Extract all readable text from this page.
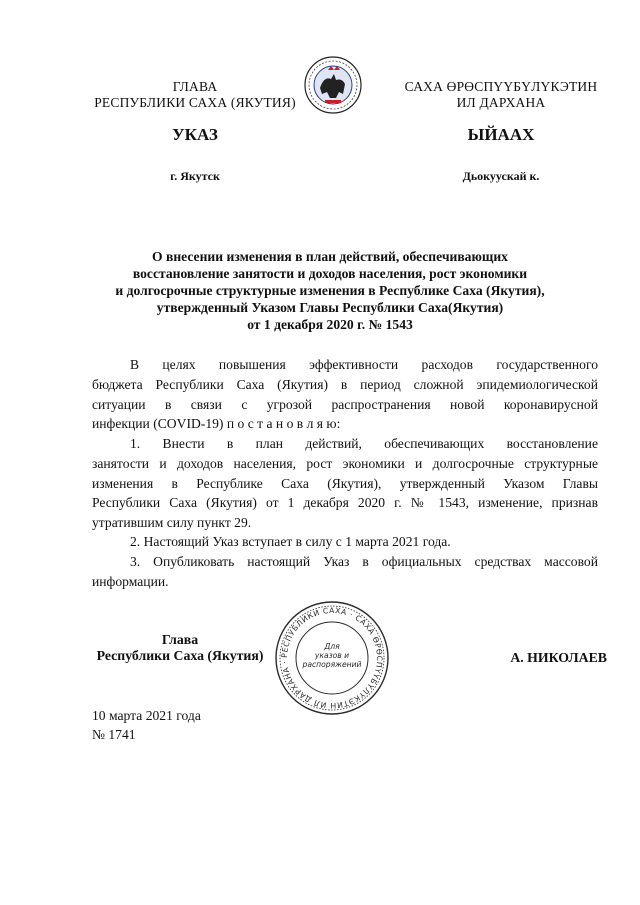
ГЛАВА
РЕСПУБЛИКИ САХА (ЯКУТИЯ)
САХА ӨРӨСПҮҮБҮЛҮКЭТИН
ИЛ ДАРХАНА
УКАЗ	ЫЙААХ
г. Якутск	Дьокуускай к.
О внесении изменения в план действий, обеспечивающих
восстановление занятости и доходов населения, рост экономики
и долгосрочные структурные изменения в Республике Саха (Якутия),
утвержденный Указом Главы Республики Саха(Якутия)
от 1 декабря 2020 г. № 1543
В целях повышения эффективности расходов государственного
бюджета Республики Саха (Якутия) в период сложной эпидемиологической
ситуации в связи с угрозой распространения новой коронавирусной
инфекции (COVID-19) п о с т а н о в л я ю:
1. Внести в план действий, обеспечивающих восстановление
занятости и доходов населения, рост экономики и долгосрочные структурные
изменения в Республике Саха (Якутия), утвержденный Указом Главы
Республики Саха (Якутия) от 1 декабря 2020 г. № 1543, изменение, признав
утратившим силу пункт 29.
2. Настоящий Указ вступает в силу с 1 марта 2021 года.
3. Опубликовать настоящий Указ в официальных средствах массовой
информации.
Глава
Республики Саха (Якутия)	А. НИКОЛАЕВ
РЕСПУБЛИКИ САХА · САХА ӨРӨСПҮҮБҮЛҮКЭТИН ИЛ ДАРХАНА ·
Для
указов и
распоряжений
10 марта 2021 года
№ 1741
